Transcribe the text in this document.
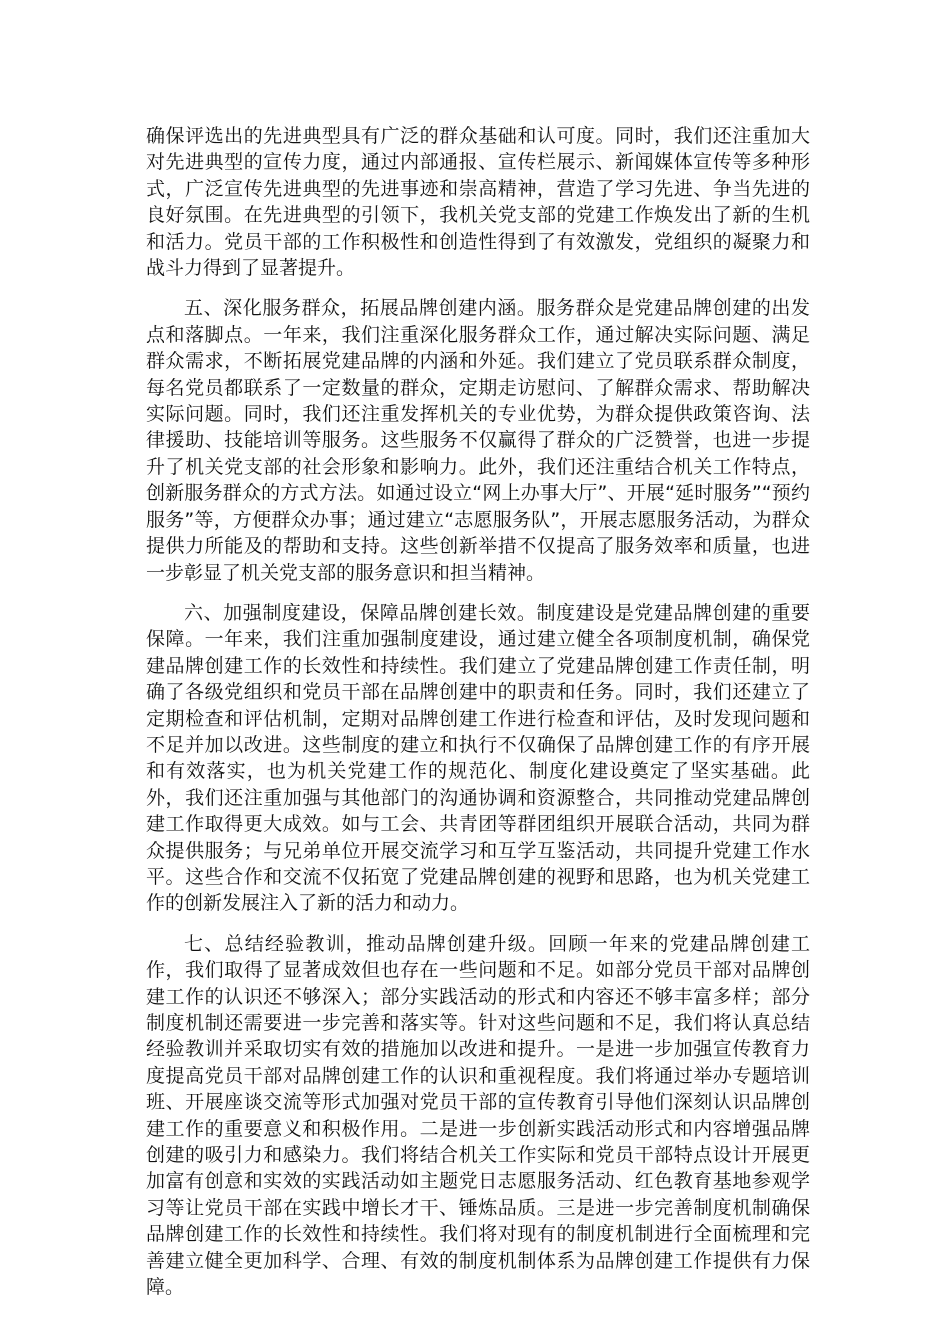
确保评选出的先进典型具有广泛的群众基础和认可度。同时，我们还注重加大对先进典型的宣传力度，通过内部通报、宣传栏展示、新闻媒体宣传等多种形式，广泛宣传先进典型的先进事迹和崇高精神，营造了学习先进、争当先进的良好氛围。在先进典型的引领下，我机关党支部的党建工作焕发出了新的生机和活力。党员干部的工作积极性和创造性得到了有效激发，党组织的凝聚力和战斗力得到了显著提升。

五、深化服务群众，拓展品牌创建内涵。服务群众是党建品牌创建的出发点和落脚点。一年来，我们注重深化服务群众工作，通过解决实际问题、满足群众需求，不断拓展党建品牌的内涵和外延。我们建立了党员联系群众制度，每名党员都联系了一定数量的群众，定期走访慰问、了解群众需求、帮助解决实际问题。同时，我们还注重发挥机关的专业优势，为群众提供政策咨询、法律援助、技能培训等服务。这些服务不仅赢得了群众的广泛赞誉，也进一步提升了机关党支部的社会形象和影响力。此外，我们还注重结合机关工作特点，创新服务群众的方式方法。如通过设立“网上办事大厅”、开展“延时服务”“预约服务”等，方便群众办事；通过建立“志愿服务队”，开展志愿服务活动，为群众提供力所能及的帮助和支持。这些创新举措不仅提高了服务效率和质量，也进一步彰显了机关党支部的服务意识和担当精神。

六、加强制度建设，保障品牌创建长效。制度建设是党建品牌创建的重要保障。一年来，我们注重加强制度建设，通过建立健全各项制度机制，确保党建品牌创建工作的长效性和持续性。我们建立了党建品牌创建工作责任制，明确了各级党组织和党员干部在品牌创建中的职责和任务。同时，我们还建立了定期检查和评估机制，定期对品牌创建工作进行检查和评估，及时发现问题和不足并加以改进。这些制度的建立和执行不仅确保了品牌创建工作的有序开展和有效落实，也为机关党建工作的规范化、制度化建设奠定了坚实基础。此外，我们还注重加强与其他部门的沟通协调和资源整合，共同推动党建品牌创建工作取得更大成效。如与工会、共青团等群团组织开展联合活动，共同为群众提供服务；与兄弟单位开展交流学习和互学互鉴活动，共同提升党建工作水平。这些合作和交流不仅拓宽了党建品牌创建的视野和思路，也为机关党建工作的创新发展注入了新的活力和动力。

七、总结经验教训，推动品牌创建升级。回顾一年来的党建品牌创建工作，我们取得了显著成效但也存在一些问题和不足。如部分党员干部对品牌创建工作的认识还不够深入；部分实践活动的形式和内容还不够丰富多样；部分制度机制还需要进一步完善和落实等。针对这些问题和不足，我们将认真总结经验教训并采取切实有效的措施加以改进和提升。一是进一步加强宣传教育力度提高党员干部对品牌创建工作的认识和重视程度。我们将通过举办专题培训班、开展座谈交流等形式加强对党员干部的宣传教育引导他们深刻认识品牌创建工作的重要意义和积极作用。二是进一步创新实践活动形式和内容增强品牌创建的吸引力和感染力。我们将结合机关工作实际和党员干部特点设计开展更加富有创意和实效的实践活动如主题党日志愿服务活动、红色教育基地参观学习等让党员干部在实践中增长才干、锤炼品质。三是进一步完善制度机制确保品牌创建工作的长效性和持续性。我们将对现有的制度机制进行全面梳理和完善建立健全更加科学、合理、有效的制度机制体系为品牌创建工作提供有力保障。
